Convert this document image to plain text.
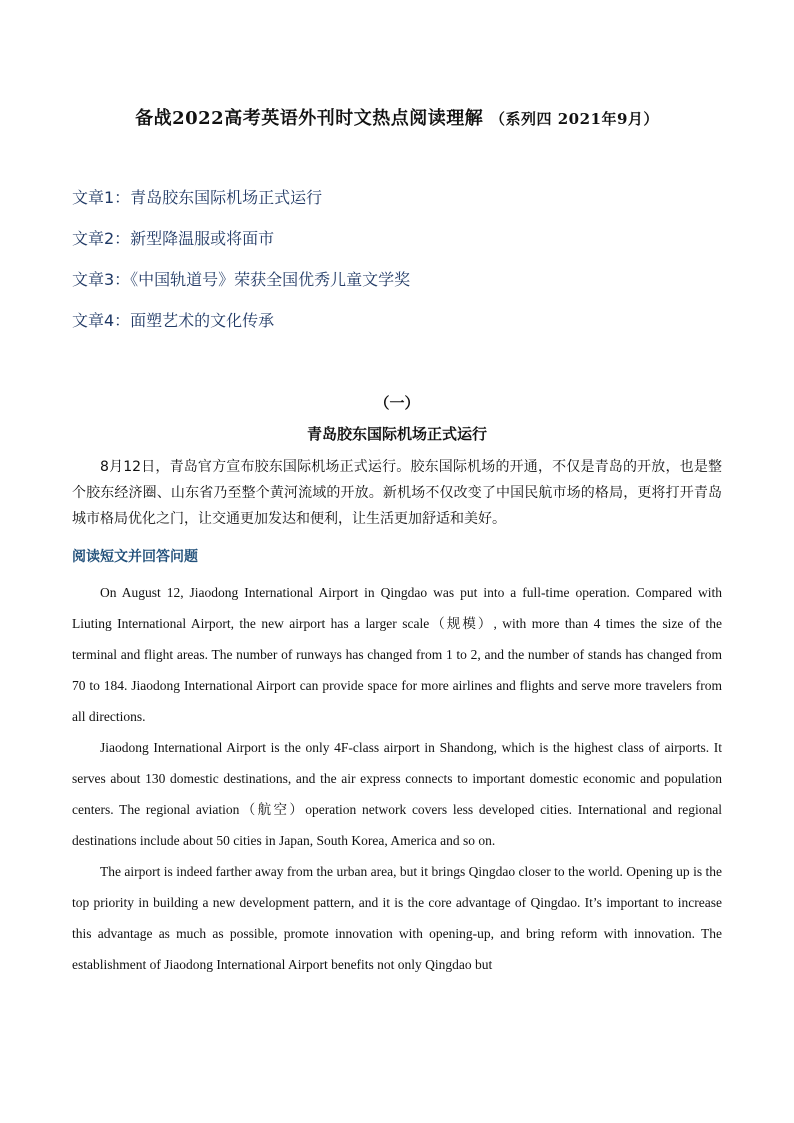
备战2022高考英语外刊时文热点阅读理解 （系列四 2021年9月）
文章1：青岛胶东国际机场正式运行
文章2：新型降温服或将面市
文章3：《中国轨道号》荣获全国优秀儿童文学奖
文章4：面塑艺术的文化传承
（一）
青岛胶东国际机场正式运行
8月12日，青岛官方宣布胶东国际机场正式运行。胶东国际机场的开通，不仅是青岛的开放，也是整个胶东经济圈、山东省乃至整个黄河流域的开放。新机场不仅改变了中国民航市场的格局，更将打开青岛城市格局优化之门，让交通更加发达和便利，让生活更加舒适和美好。
阅读短文并回答问题

On August 12, Jiaodong International Airport in Qingdao was put into a full-time operation. Compared with Liuting International Airport, the new airport has a larger scale（规模）, with more than 4 times the size of the terminal and flight areas. The number of runways has changed from 1 to 2, and the number of stands has changed from 70 to 184. Jiaodong International Airport can provide space for more airlines and flights and serve more travelers from all directions.

Jiaodong International Airport is the only 4F-class airport in Shandong, which is the highest class of airports. It serves about 130 domestic destinations, and the air express connects to important domestic economic and population centers. The regional aviation（航空）operation network covers less developed cities. International and regional destinations include about 50 cities in Japan, South Korea, America and so on.

The airport is indeed farther away from the urban area, but it brings Qingdao closer to the world. Opening up is the top priority in building a new development pattern, and it is the core advantage of Qingdao. It’s important to increase this advantage as much as possible, promote innovation with opening-up, and bring reform with innovation. The establishment of Jiaodong International Airport benefits not only Qingdao but
